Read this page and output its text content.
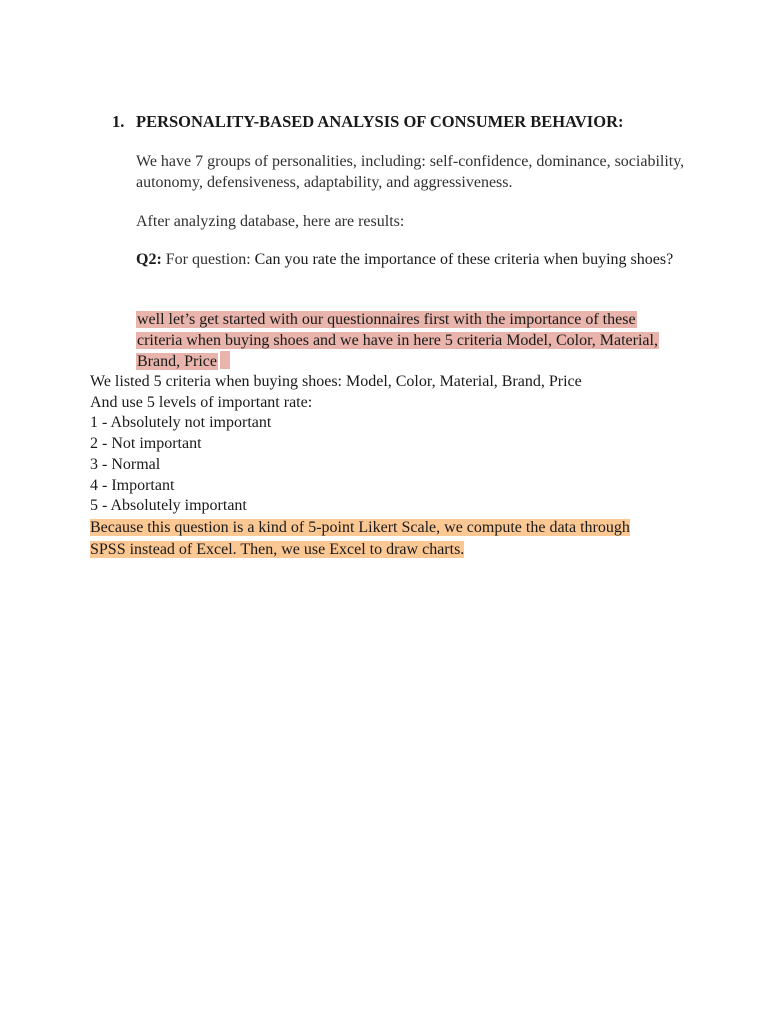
1. PERSONALITY-BASED ANALYSIS OF CONSUMER BEHAVIOR:
We have 7 groups of personalities, including: self-confidence, dominance, sociability, autonomy, defensiveness, adaptability, and aggressiveness.
After analyzing database, here are results:
Q2: For question: Can you rate the importance of these criteria when buying shoes?
well let’s get started with our questionnaires first with the importance of these criteria when buying shoes and we have in here 5 criteria Model, Color, Material, Brand, Price
We listed 5 criteria when buying shoes: Model, Color, Material, Brand, Price
And use 5 levels of important rate:
1 - Absolutely not important
2 - Not important
3 - Normal
4 - Important
5 - Absolutely important
Because this question is a kind of 5-point Likert Scale, we compute the data through SPSS instead of Excel. Then, we use Excel to draw charts.
